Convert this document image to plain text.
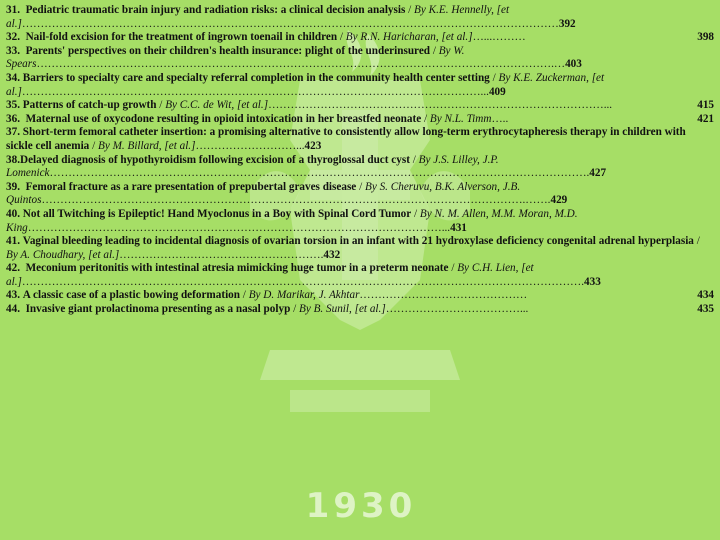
1930
31. Pediatric traumatic brain injury and radiation risks: a clinical decision analysis / By K.E. Hennelly, [et al.]………………………………………………………………………………………………………………………………392
32. Nail-fold excision for the treatment of ingrown toenail in children / By R.N. Haricharan, [et al.]…...………	398
33. Parents' perspectives on their children's health insurance: plight of the underinsured / By W. Spears………………………………………………………………………………………………………………………….…403
34. Barriers to specialty care and specialty referral completion in the community health center setting / By K.E. Zuckerman, [et al.]……………………………………………………………………………………………………………...409
35. Patterns of catch-up growth / By C.C. de Wit, [et al.]………………………………………………………………………………...	415
36. Maternal use of oxycodone resulting in opioid intoxication in her breastfed neonate / By N.L. Timm…..	421
37. Short-term femoral catheter insertion: a promising alternative to consistently allow long-term erythrocytapheresis therapy in children with sickle cell anemia / By M. Billard, [et al.]………………………...423
38.Delayed diagnosis of hypothyroidism following excision of a thyroglossal duct cyst / By J.S. Lilley, J.P. Lomenick……………………………………………………………………………………………………………………………….427
39. Femoral fracture as a rare presentation of prepubertal graves disease / By S. Cheruvu, B.K. Alverson, J.B. Quintos………………………………………………………………………………………………………………….…….429
40. Not all Twitching is Epileptic! Hand Myoclonus in a Boy with Spinal Cord Tumor / By N. M. Allen, M.M. Moran, M.D. King…………………………………………………………………………………………………...431
41. Vaginal bleeding leading to incidental diagnosis of ovarian torsion in an infant with 21 hydroxylase deficiency congenital adrenal hyperplasia / By A. Choudhary, [et al.]……………………………………………….432
42. Meconium peritonitis with intestinal atresia mimicking huge tumor in a preterm neonate / By C.H. Lien, [et al.]…………………………………………………………………………………………………………………………………….433
43. A classic case of a plastic bowing deformation / By D. Marikar, J. Akhtar………………………………………	434
44. Invasive giant prolactinoma presenting as a nasal polyp / By B. Sunil, [et al.]………………………………...	435
